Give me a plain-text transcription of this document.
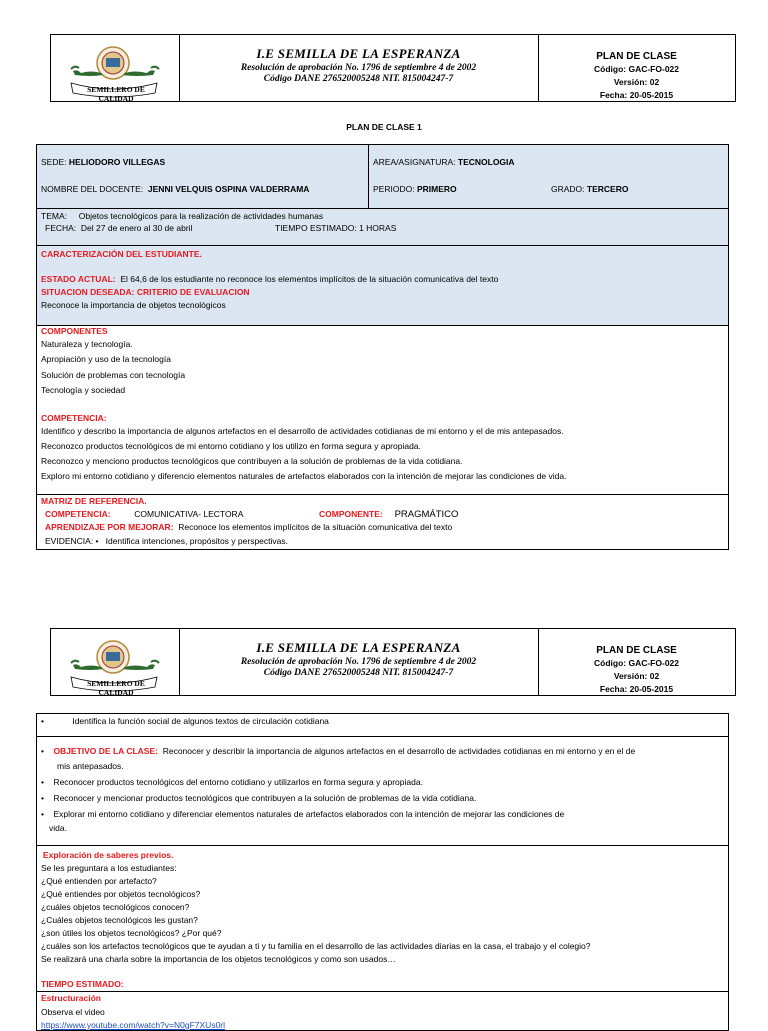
SEMILLERO DE CALIDAD
I.E SEMILLA DE LA ESPERANZA
Resolución de aprobación No. 1796 de septiembre 4 de 2002
Código DANE 276520005248 NIT. 815004247-7
PLAN DE CLASE
Código: GAC-FO-022
Versión: 02
Fecha: 20-05-2015
PLAN DE CLASE 1
SEDE: HELIODORO VILLEGAS	AREA/ASIGNATURA: TECNOLOGIA
NOMBRE DEL DOCENTE: JENNI VELQUIS OSPINA VALDERRAMA	PERIODO: PRIMERO	GRADO: TERCERO
TEMA: Objetos tecnológicos para la realización de actividades humanas
FECHA: Del 27 de enero al 30 de abril	TIEMPO ESTIMADO: 1 HORAS
CARACTERIZACIÓN DEL ESTUDIANTE.
ESTADO ACTUAL: El 64,6 de los estudiante no reconoce los elementos implícitos de la situación comunicativa del texto
SITUACION DESEADA: CRITERIO DE EVALUACION
Reconoce la importancia de objetos tecnológicos
COMPONENTES
Naturaleza y tecnología.
Apropiación y uso de la tecnología
Solución de problemas con tecnología
Tecnología y sociedad
COMPETENCIA:
Identifico y describo la importancia de algunos artefactos en el desarrollo de actividades cotidianas de mi entorno y el de mis antepasados.
Reconozco productos tecnológicos de mi entorno cotidiano y los utilizo en forma segura y apropiada.
Reconozco y menciono productos tecnológicos que contribuyen a la solución de problemas de la vida cotidiana.
Exploro mi entorno cotidiano y diferencio elementos naturales de artefactos elaborados con la intención de mejorar las condiciones de vida.
MATRIZ DE REFERENCIA.
COMPETENCIA:	COMUNICATIVA- LECTORA	COMPONENTE: PRAGMÁTICO
APRENDIZAJE POR MEJORAR: Reconoce los elementos implícitos de la situación comunicativa del texto
EVIDENCIA: • Identifica intenciones, propósitos y perspectivas.
SEMILLERO DE CALIDAD
I.E SEMILLA DE LA ESPERANZA
Resolución de aprobación No. 1796 de septiembre 4 de 2002
Código DANE 276520005248 NIT. 815004247-7
PLAN DE CLASE
Código: GAC-FO-022
Versión: 02
Fecha: 20-05-2015
•            Identifica la función social de algunos textos de circulación cotidiana
•    OBJETIVO DE LA CLASE: Reconocer y describir la importancia de algunos artefactos en el desarrollo de actividades cotidianas en mi entorno y en el de
mis antepasados.
•    Reconocer productos tecnológicos del entorno cotidiano y utilizarlos en forma segura y apropiada.
•    Reconocer y mencionar productos tecnológicos que contribuyen a la solución de problemas de la vida cotidiana.
•    Explorar mi entorno cotidiano y diferenciar elementos naturales de artefactos elaborados con la intención de mejorar las condiciones de
vida.
Exploración de saberes previos.
Se les preguntara a los estudiantes:
¿Qué entienden por artefacto?
¿Qué entiendes por objetos tecnológicos?
¿cuáles objetos tecnológicos conocen?
¿Cuáles objetos tecnológicos les gustan?
¿son útiles los objetos tecnológicos? ¿Por qué?
¿cuáles son los artefactos tecnológicos que te ayudan a ti y tu familia en el desarrollo de las actividades diarias en la casa, el trabajo y el colegio?
Se realizará una charla sobre la importancia de los objetos tecnológicos y como son usados…
TIEMPO ESTIMADO:
Estructuración
Observa el video
https://www.youtube.com/watch?v=N0gF7XUs0rl
